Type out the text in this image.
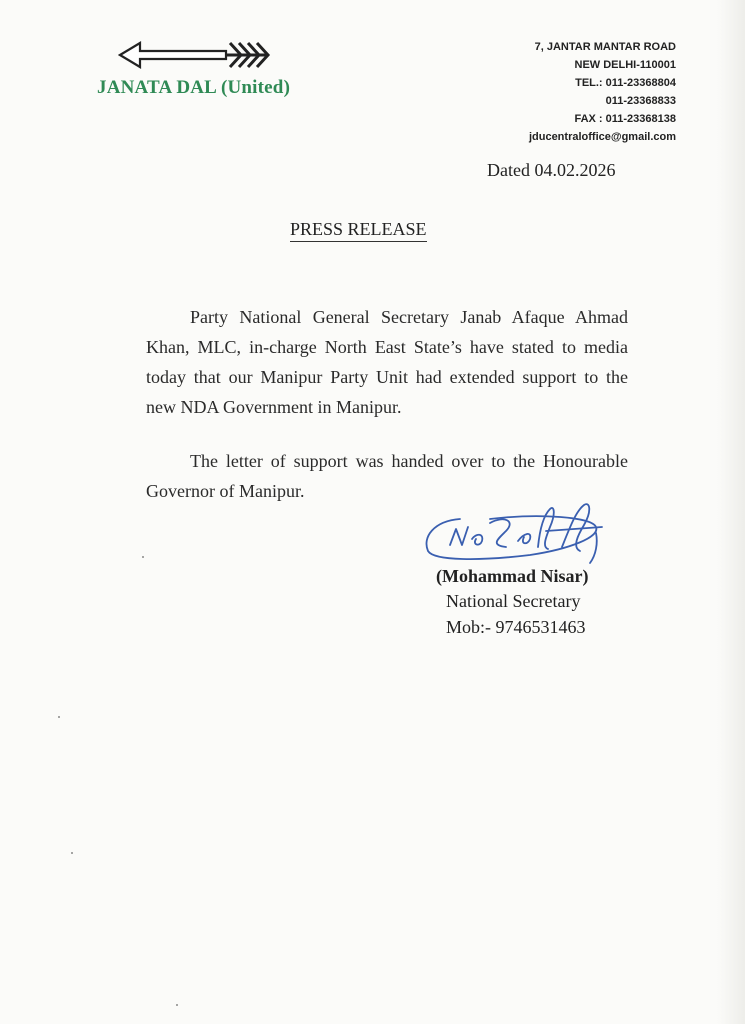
JANATA DAL (United)
7, JANTAR MANTAR ROAD
NEW DELHI-110001
TEL.: 011-23368804
011-23368833
FAX : 011-23368138
jducentraloffice@gmail.com
Dated 04.02.2026
PRESS RELEASE

Party National General Secretary Janab Afaque Ahmad Khan, MLC, in-charge North East State’s have stated to media today that our Manipur Party Unit had extended support to the new NDA Government in Manipur.

The letter of support was handed over to the Honourable Governor of Manipur.

(Mohammad Nisar)
National Secretary
Mob:- 9746531463
